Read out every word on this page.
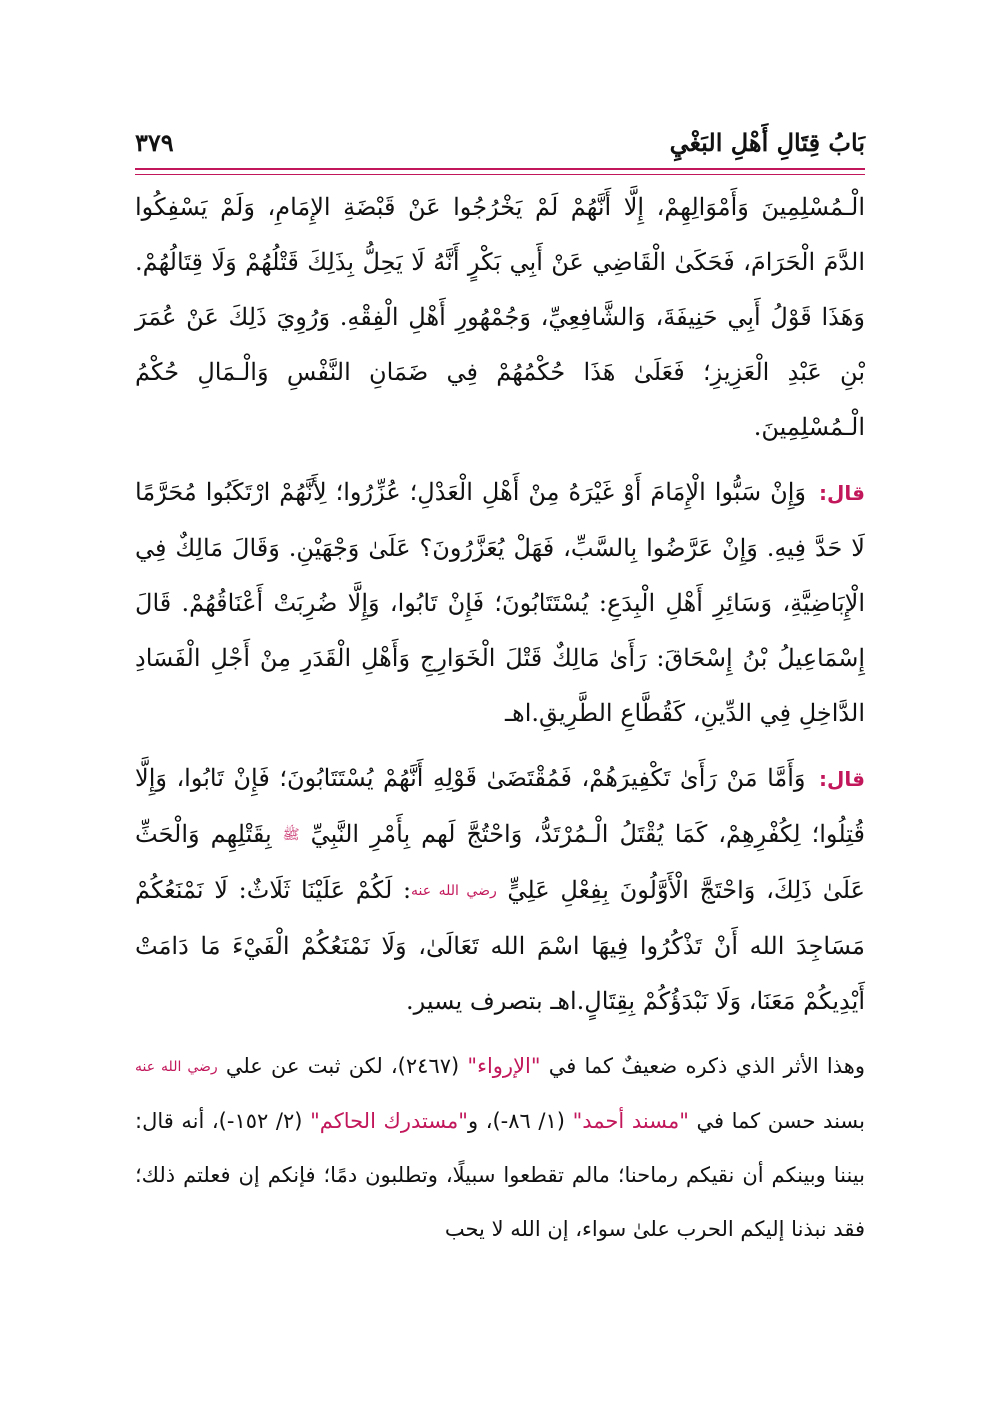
بَابُ قِتَالِ أَهْلِ البَغْيِ
٣٧٩

الْـمُسْلِمِينَ وَأَمْوَالِهِمْ، إِلَّا أَنَّهُمْ لَمْ يَخْرُجُوا عَنْ قَبْضَةِ الإِمَامِ، وَلَمْ يَسْفِكُوا الدَّمَ الْحَرَامَ، فَحَكَىٰ الْقَاضِي عَنْ أَبِي بَكْرٍ أَنَّهُ لَا يَحِلُّ بِذَلِكَ قَتْلُهُمْ وَلَا قِتَالُهُمْ. وَهَذَا قَوْلُ أَبِي حَنِيفَةَ، وَالشَّافِعِيِّ، وَجُمْهُورِ أَهْلِ الْفِقْهِ. وَرُوِيَ ذَلِكَ عَنْ عُمَرَ بْنِ عَبْدِ الْعَزِيزِ؛ فَعَلَىٰ هَذَا حُكْمُهُمْ فِي ضَمَانِ النَّفْسِ وَالْـمَالِ حُكْمُ الْـمُسْلِمِينَ.

قال: وَإِنْ سَبُّوا الْإِمَامَ أَوْ غَيْرَهُ مِنْ أَهْلِ الْعَدْلِ؛ عُزِّرُوا؛ لِأَنَّهُمْ ارْتَكَبُوا مُحَرَّمًا لَا حَدَّ فِيهِ. وَإِنْ عَرَّضُوا بِالسَّبِّ، فَهَلْ يُعَزَّرُونَ؟ عَلَىٰ وَجْهَيْنِ. وَقَالَ مَالِكٌ فِي الْإِبَاضِيَّةِ، وَسَائِرِ أَهْلِ الْبِدَعِ: يُسْتَتَابُونَ؛ فَإِنْ تَابُوا، وَإِلَّا ضُرِبَتْ أَعْنَاقُهُمْ. قَالَ إِسْمَاعِيلُ بْنُ إِسْحَاقَ: رَأَىٰ مَالِكٌ قَتْلَ الْخَوَارِجِ وَأَهْلِ الْقَدَرِ مِنْ أَجْلِ الْفَسَادِ الدَّاخِلِ فِي الدِّينِ، كَقُطَّاعِ الطَّرِيقِ.اهـ

قال: وَأَمَّا مَنْ رَأَىٰ تَكْفِيرَهُمْ، فَمُقْتَضَىٰ قَوْلِهِ أَنَّهُمْ يُسْتَتَابُونَ؛ فَإِنْ تَابُوا، وَإِلَّا قُتِلُوا؛ لِكُفْرِهِمْ، كَمَا يُقْتَلُ الْـمُرْتَدُّ، وَاحْتُجَّ لَهم بِأَمْرِ النَّبِيِّ ﷺ بِقَتْلِهِم وَالْحَثِّ عَلَىٰ ذَلِكَ، وَاحْتَجَّ الْأَوَّلُونَ بِفِعْلِ عَلِيٍّ رضي الله عنه: لَكُمْ عَلَيْنَا ثَلَاثٌ: لَا نَمْنَعُكُمْ مَسَاجِدَ الله أَنْ تَذْكُرُوا فِيهَا اسْمَ الله تَعَالَىٰ، وَلَا نَمْنَعُكُمْ الْفَيْءَ مَا دَامَتْ أَيْدِيكُمْ مَعَنَا، وَلَا نَبْدَؤُكُمْ بِقِتَالٍ.اهـ بتصرف يسير.

وهذا الأثر الذي ذكره ضعيفٌ كما في "الإرواء" (٢٤٦٧)، لكن ثبت عن علي رضي الله عنه بسند حسن كما في "مسند أحمد" (١/ ٨٦-)، و"مستدرك الحاكم" (٢/ ١٥٢-)، أنه قال: بيننا وبينكم أن نقيكم رماحنا؛ مالم تقطعوا سبيلًا، وتطلبون دمًا؛ فإنكم إن فعلتم ذلك؛ فقد نبذنا إليكم الحرب علىٰ سواء، إن الله لا يحب
